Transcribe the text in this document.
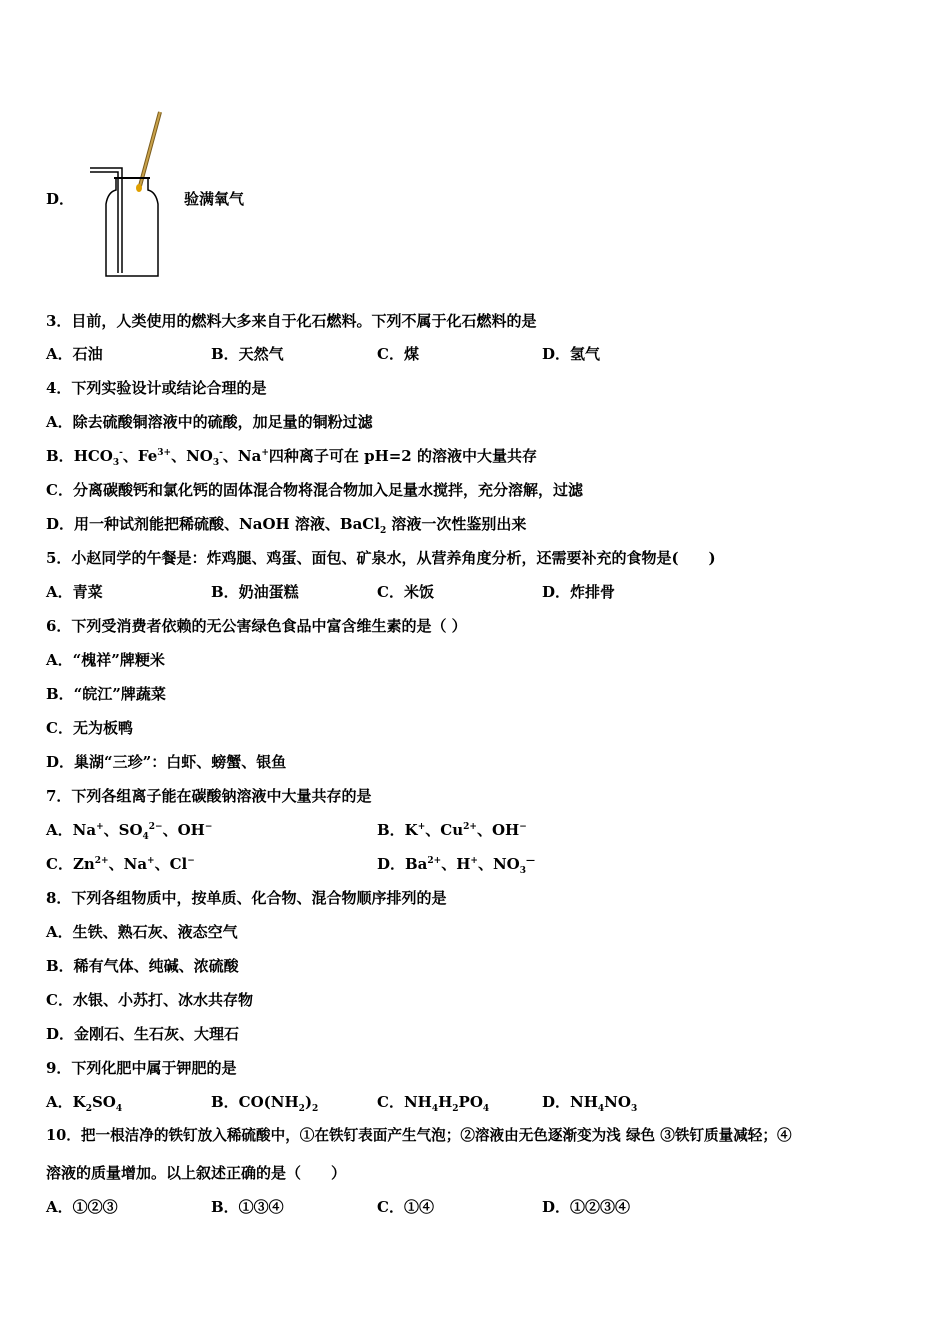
D．	验满氧气
3．目前，人类使用的燃料大多来自于化石燃料。下列不属于化石燃料的是
A．石油	B．天然气	C．煤	D．氢气
4．下列实验设计或结论合理的是
A．除去硫酸铜溶液中的硫酸，加足量的铜粉过滤
B．$HCO_3^-$、$Fe^{3+}$、$NO_3^-$、Na+四种离子可在 pH=2 的溶液中大量共存
C．分离碳酸钙和氯化钙的固体混合物将混合物加入足量水搅拌，充分溶解，过滤
D．用一种试剂能把稀硫酸、NaOH 溶液、BaCl$_2$ 溶液一次性鉴别出来
5．小赵同学的午餐是：炸鸡腿、鸡蛋、面包、矿泉水，从营养角度分析，还需要补充的食物是(　　)
A．青菜	B．奶油蛋糕	C．米饭	D．炸排骨
6．下列受消费者依赖的无公害绿色食品中富含维生素的是（ ）
A．“槐祥”牌粳米
B．“皖江”牌蔬菜
C．无为板鸭
D．巢湖“三珍”：白虾、螃蟹、银鱼
7．下列各组离子能在碳酸钠溶液中大量共存的是
A．Na+、$SO_4^{2-}$、OH−	B．K+、$Cu^{2+}$、OH−
C．$Zn^{2+}$、Na+、Cl−	D．$Ba^{2+}$、H+、$NO_3^—$
8．下列各组物质中，按单质、化合物、混合物顺序排列的是
A．生铁、熟石灰、液态空气
B．稀有气体、纯碱、浓硫酸
C．水银、小苏打、冰水共存物
D．金刚石、生石灰、大理石
9．下列化肥中属于钾肥的是
A．$K_2SO_4$	B．$CO(NH_2)_2$	C．$NH_4H_2PO_4$	D．$NH_4NO_3$
10．把一根洁净的铁钉放入稀硫酸中，①在铁钉表面产生气泡；②溶液由无色逐渐变为浅 绿色 ③铁钉质量减轻；④
溶液的质量增加。以上叙述正确的是（　　）
A．①②③	B．①③④	C．①④	D．①②③④
